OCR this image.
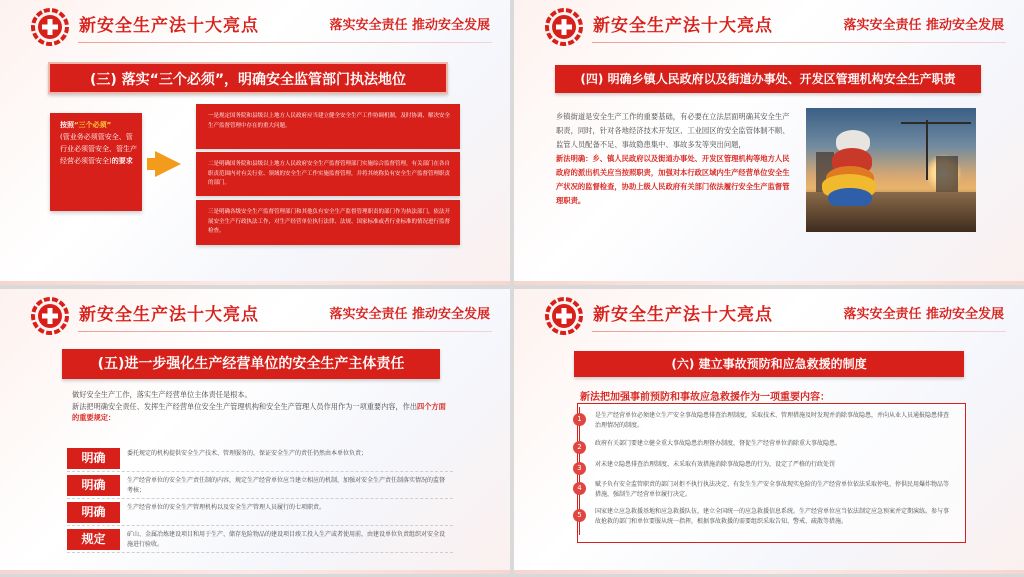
新安全生产法十大亮点	落实安全责任 推动安全发展
(三) 落实“三个必须”，明确安全监管部门执法地位
按照“三个必须”
(管业务必须管安全、管行业必须管安全、管生产经营必须管安全)的要求
一是规定国务院和县级以上地方人民政府应当建立健全安全生产工作协调机制，及时协调、解决安全生产监督管理中存在的重大问题。
二是明确国务院和县级以上地方人民政府安全生产监督管理部门实施综合监督管理，有关部门在各自职责范围内对有关行业、领域的安全生产工作实施监督管理，并将其统称负有安全生产监督管理职责的部门。
三是明确各级安全生产监督管理部门和其他负有安全生产监督管理职责的部门作为执法部门，依法开展安全生产行政执法工作，对生产经营单位执行法律、法规、国家标准或者行业标准的情况进行监督检查。
新安全生产法十大亮点	落实安全责任 推动安全发展
(四) 明确乡镇人民政府以及街道办事处、开发区管理机构安全生产职责
乡镇街道是安全生产工作的重要基础，有必要在立法层面明确其安全生产职责，同时，针对各地经济技术开发区、工业园区的安全监管体制不顺、监管人员配备不足、事故隐患集中、事故多发等突出问题，
新法明确：乡、镇人民政府以及街道办事处、开发区管理机构等地方人民政府的派出机关应当按照职责，加强对本行政区域内生产经营单位安全生产状况的监督检查，协助上级人民政府有关部门依法履行安全生产监督管理职责。
新安全生产法十大亮点	落实安全责任 推动安全发展
(五)进一步强化生产经营单位的安全生产主体责任
做好安全生产工作，落实生产经营单位主体责任是根本。
新法把明确安全责任、发挥生产经营单位安全生产管理机构和安全生产管理人员作用作为一项重要内容，作出四个方面的重要规定：
明确	委托规定的机构提供安全生产技术、管理服务的，保证安全生产的责任仍然由本单位负责；
明确	生产经营单位的安全生产责任制的内容，规定生产经营单位应当建立相应的机制，加强对安全生产责任制落实情况的监督考核；
明确	生产经营单位的安全生产管理机构以及安全生产管理人员履行的七项职责。
规定	矿山、金属冶炼建设项目和用于生产、储存危险物品的建设项目竣工投入生产或者使用前，由建设单位负责组织对安全设施进行验收。
新安全生产法十大亮点	落实安全责任 推动安全发展
(六) 建立事故预防和应急救援的制度
新法把加强事前预防和事故应急救援作为一项重要内容：
1	是生产经营单位必须建立生产安全事故隐患排查治理制度，采取技术、管理措施及时发现并消除事故隐患，并向从业人员通报隐患排查治理情况的制度。
2	政府有关部门要建立健全重大事故隐患治理督办制度，督促生产经营单位消除重大事故隐患。
3	对未建立隐患排查治理制度、未采取有效措施消除事故隐患的行为，设定了严格的行政处罚
4	赋予负有安全监管职责的部门对拒不执行执法决定、有发生生产安全事故现实危险的生产经营单位依法采取停电、停供民用爆炸物品等措施，强制生产经营单位履行决定。
5	国家建立应急救援基地和应急救援队伍，建立全国统一的应急救援信息系统。生产经营单位应当依法制定应急预案并定期演练。参与事故抢救的部门和单位要服从统一指挥，根据事故救援的需要组织采取告知、警戒、疏散等措施。
